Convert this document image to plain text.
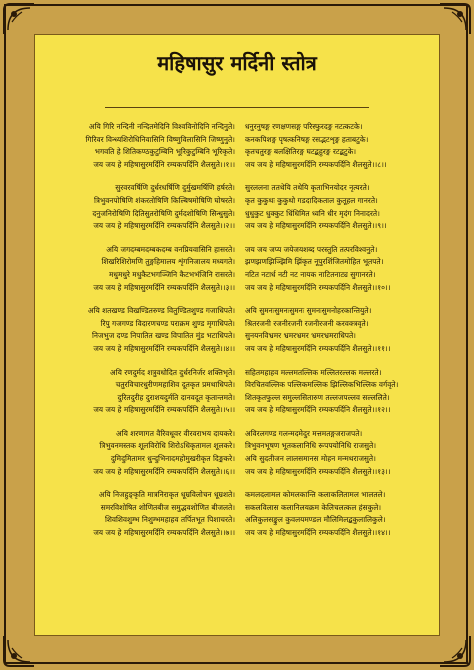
महिषासुर मर्दिनी स्तोत्र
अयि गिरि नन्दिनी नन्दितमेदिनि विश्वविनोदिनि नन्दिनुते।
गिरिवर विन्ध्यशिरोधिनिवासिनि विष्णुविलासिनि जिष्णुनुते।
भगवति हे शितिकण्ठकुटुम्बिनि भूरिकुटुम्बिनि भूरिकृते।
जय जय हे महिषासुरमर्दिनि रम्यकपर्दिनि शैलसुते।।१।।
सुरवरवर्षिणि दुर्धरधर्षिणि दुर्मुखमर्षिणि हर्षरते।
त्रिभुवनपोषिणि शंकरतोषिणि किल्बिषमोषिणि घोषरते।
दनुजनिरोषिणि दितिसुतरोषिणि दुर्मदशोषिणि सिन्धुसुते।
जय जय हे महिषासुरमर्दिनि रम्यकपर्दिनि शैलसुते।।२।।
अयि जगदम्बमदम्बकदम्ब वनप्रियवासिनि हासरते।
शिखरिशिरोमणि तुङ्गहिमालय शृंगनिजालय मध्यगते।
मधुमधुरे मधुकैटभगञ्जिनि कैटभभंजिनि रासरते।
जय जय हे महिषासुरमर्दिनि रम्यकपर्दिनि शैलसुते।।३।।
अयि शतखण्ड विखण्डितरुण्ड वितुण्डितशुण्ड गजाधिपते।
रिपु गजगण्ड विदारणचण्ड पराक्रम शुण्ड मृगाधिपते।
निजभुज दण्ड निपातित खण्ड विपातित मुंड भटाधिपते।
जय जय हे महिषासुरमर्दिनि रम्यकपर्दिनि शैलसुते।।४।।
अयि रणदुर्मद शत्रुवधोदित दुर्धरनिर्जर शक्तिभृते।
चतुरविचारधुरीणमहाशिव दूतकृत प्रमथाधिपते।
दुरितदुरीह दुराशयदुर्मति दानवदूत कृतान्तमते।
जय जय हे महिषासुरमर्दिनि रम्यकपर्दिनि शैलसुते।।५।।
अयि शरणागत वैरिवधूवर वीरवराभय दायकरे।
त्रिभुवनमस्तक शूलविरोधि शिरोऽधिकृतामल शूलकरे।
दुमिदुमितामर धुन्दुभिनादमहोमुखरीकृत दिङ्मकरे।
जय जय हे महिषासुरमर्दिनि रम्यकपर्दिनि शैलसुते।।६।।
अयि निजहुङ्कृति मात्रनिराकृत धूम्रविलोचन धूम्रशते।
समरविशोषित शोणितबीज समुद्भवशोणित बीजलते।
शिवशिवशुम्भ निशुम्भमहाहव तर्पितभूत पिशाचरते।
जय जय हे महिषासुरमर्दिनि रम्यकपर्दिनि शैलसुते।।७।।
धनुरनुषङ्ग रणक्षणसङ्ग परिस्फुरदङ्ग नटत्कटके।
कनकपिशङ्ग पृषत्कनिषङ्ग रसद्भटशृङ्ग हताबटुके।
कृतचतुरङ्ग बलक्षितिरङ्ग घटद्बहुरङ्ग रटद्बटुके।
जय जय हे महिषासुरमर्दिनि रम्यकपर्दिनि शैलसुते।।८।।
सुरललना ततथेयि तथेयि कृताभिनयोदर नृत्यरते।
कृत कुकुथः कुकुथो गडदादिकताल कुतूहल गानरते।
धुधुकुट धुक्कुट धिंधिमित ध्वनि धीर मृदंग निनादरते।
जय जय हे महिषासुरमर्दिनि रम्यकपर्दिनि शैलसुते।।९।।
जय जय जप्य जयेजयशब्द परस्तुति तत्परविश्वनुते।
झणझणझिञ्झिमि झिंकृत नूपुरशिंजितमोहित भूतपते।
नटित नटार्ध नटी नट नायक नाटितनाट्य सुगानरते।
जय जय हे महिषासुरमर्दिनि रम्यकपर्दिनि शैलसुते।।१०।।
अयि सुमनःसुमनःसुमनः सुमनःसुमनोहरकान्तियुते।
श्रितरजनी रजनीरजनी रजनीरजनी करवक्त्रवृते।
सुनयनविभ्रमर भ्रमरभ्रमर भ्रमरभ्रमराधिपते।
जय जय हे महिषासुरमर्दिनि रम्यकपर्दिनि शैलसुते।।११।।
सहितमहाहव मल्लमतल्लिक मल्लितरल्लक मल्लरते।
विरचितवल्लिक पल्लिकमल्लिक झिल्लिकभिल्लिक वर्गवृते।
शितकृतफुल्ल समुल्लसितारुण तल्लजपल्लव सल्ललिते।
जय जय हे महिषासुरमर्दिनि रम्यकपर्दिनि शैलसुते।।१२।।
अविरलगण्ड गलन्मदमेदुर मत्तमतङ्गजराजपते।
त्रिभुवनभूषण भूतकलानिधि रूपपयोनिधि राजसुते।
अयि सुदतीजन लालसमानस मोहन मन्मथराजसुते।
जय जय हे महिषासुरमर्दिनि रम्यकपर्दिनि शैलसुते।।१३।।
कमलदलामल कोमलकान्ति कलाकलितामल भालतले।
सकलविलास कलानिलयक्रम केलिचलत्कल हंसकुले।
अलिकुलसङ्कुल कुवलयमण्डल मौलिमिलद्बकुलालिकुले।
जय जय हे महिषासुरमर्दिनि रम्यकपर्दिनि शैलसुते।।१४।।
